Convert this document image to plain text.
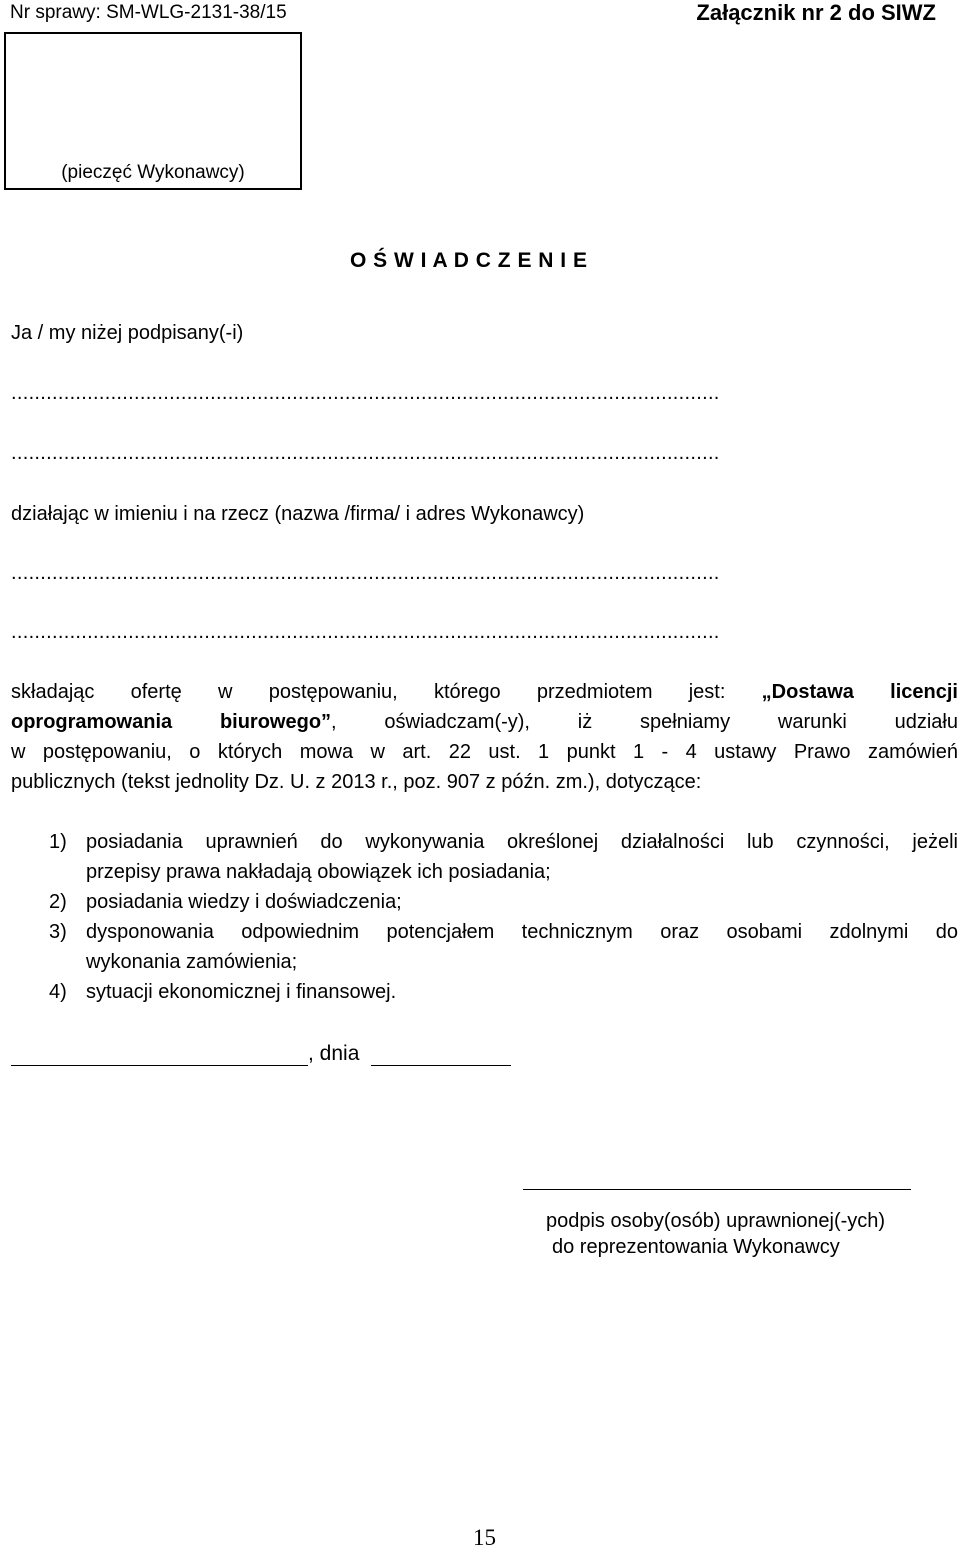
Nr sprawy: SM-WLG-2131-38/15	Załącznik nr 2 do SIWZ
(pieczęć Wykonawcy)
O Ś W I A D C Z E N I E
Ja / my niżej podpisany(-i)
.........................................................................................................................
.........................................................................................................................
działając w imieniu i na rzecz (nazwa /firma/ i adres Wykonawcy)
.........................................................................................................................
.........................................................................................................................
składając ofertę w postępowaniu, którego przedmiotem jest: „Dostawa licencji
oprogramowania biurowego”, oświadczam(-y), iż spełniamy warunki udziału
w postępowaniu, o których mowa w art. 22 ust. 1 punkt 1 - 4 ustawy Prawo zamówień
publicznych (tekst jednolity Dz. U. z 2013 r., poz. 907 z późn. zm.), dotyczące:
1) posiadania uprawnień do wykonywania określonej działalności lub czynności, jeżeli
przepisy prawa nakładają obowiązek ich posiadania;
2) posiadania wiedzy i doświadczenia;
3) dysponowania odpowiednim potencjałem technicznym oraz osobami zdolnymi do
wykonania zamówienia;
4) sytuacji ekonomicznej i finansowej.
, dnia
podpis osoby(osób) uprawnionej(-ych)
do reprezentowania Wykonawcy
15
